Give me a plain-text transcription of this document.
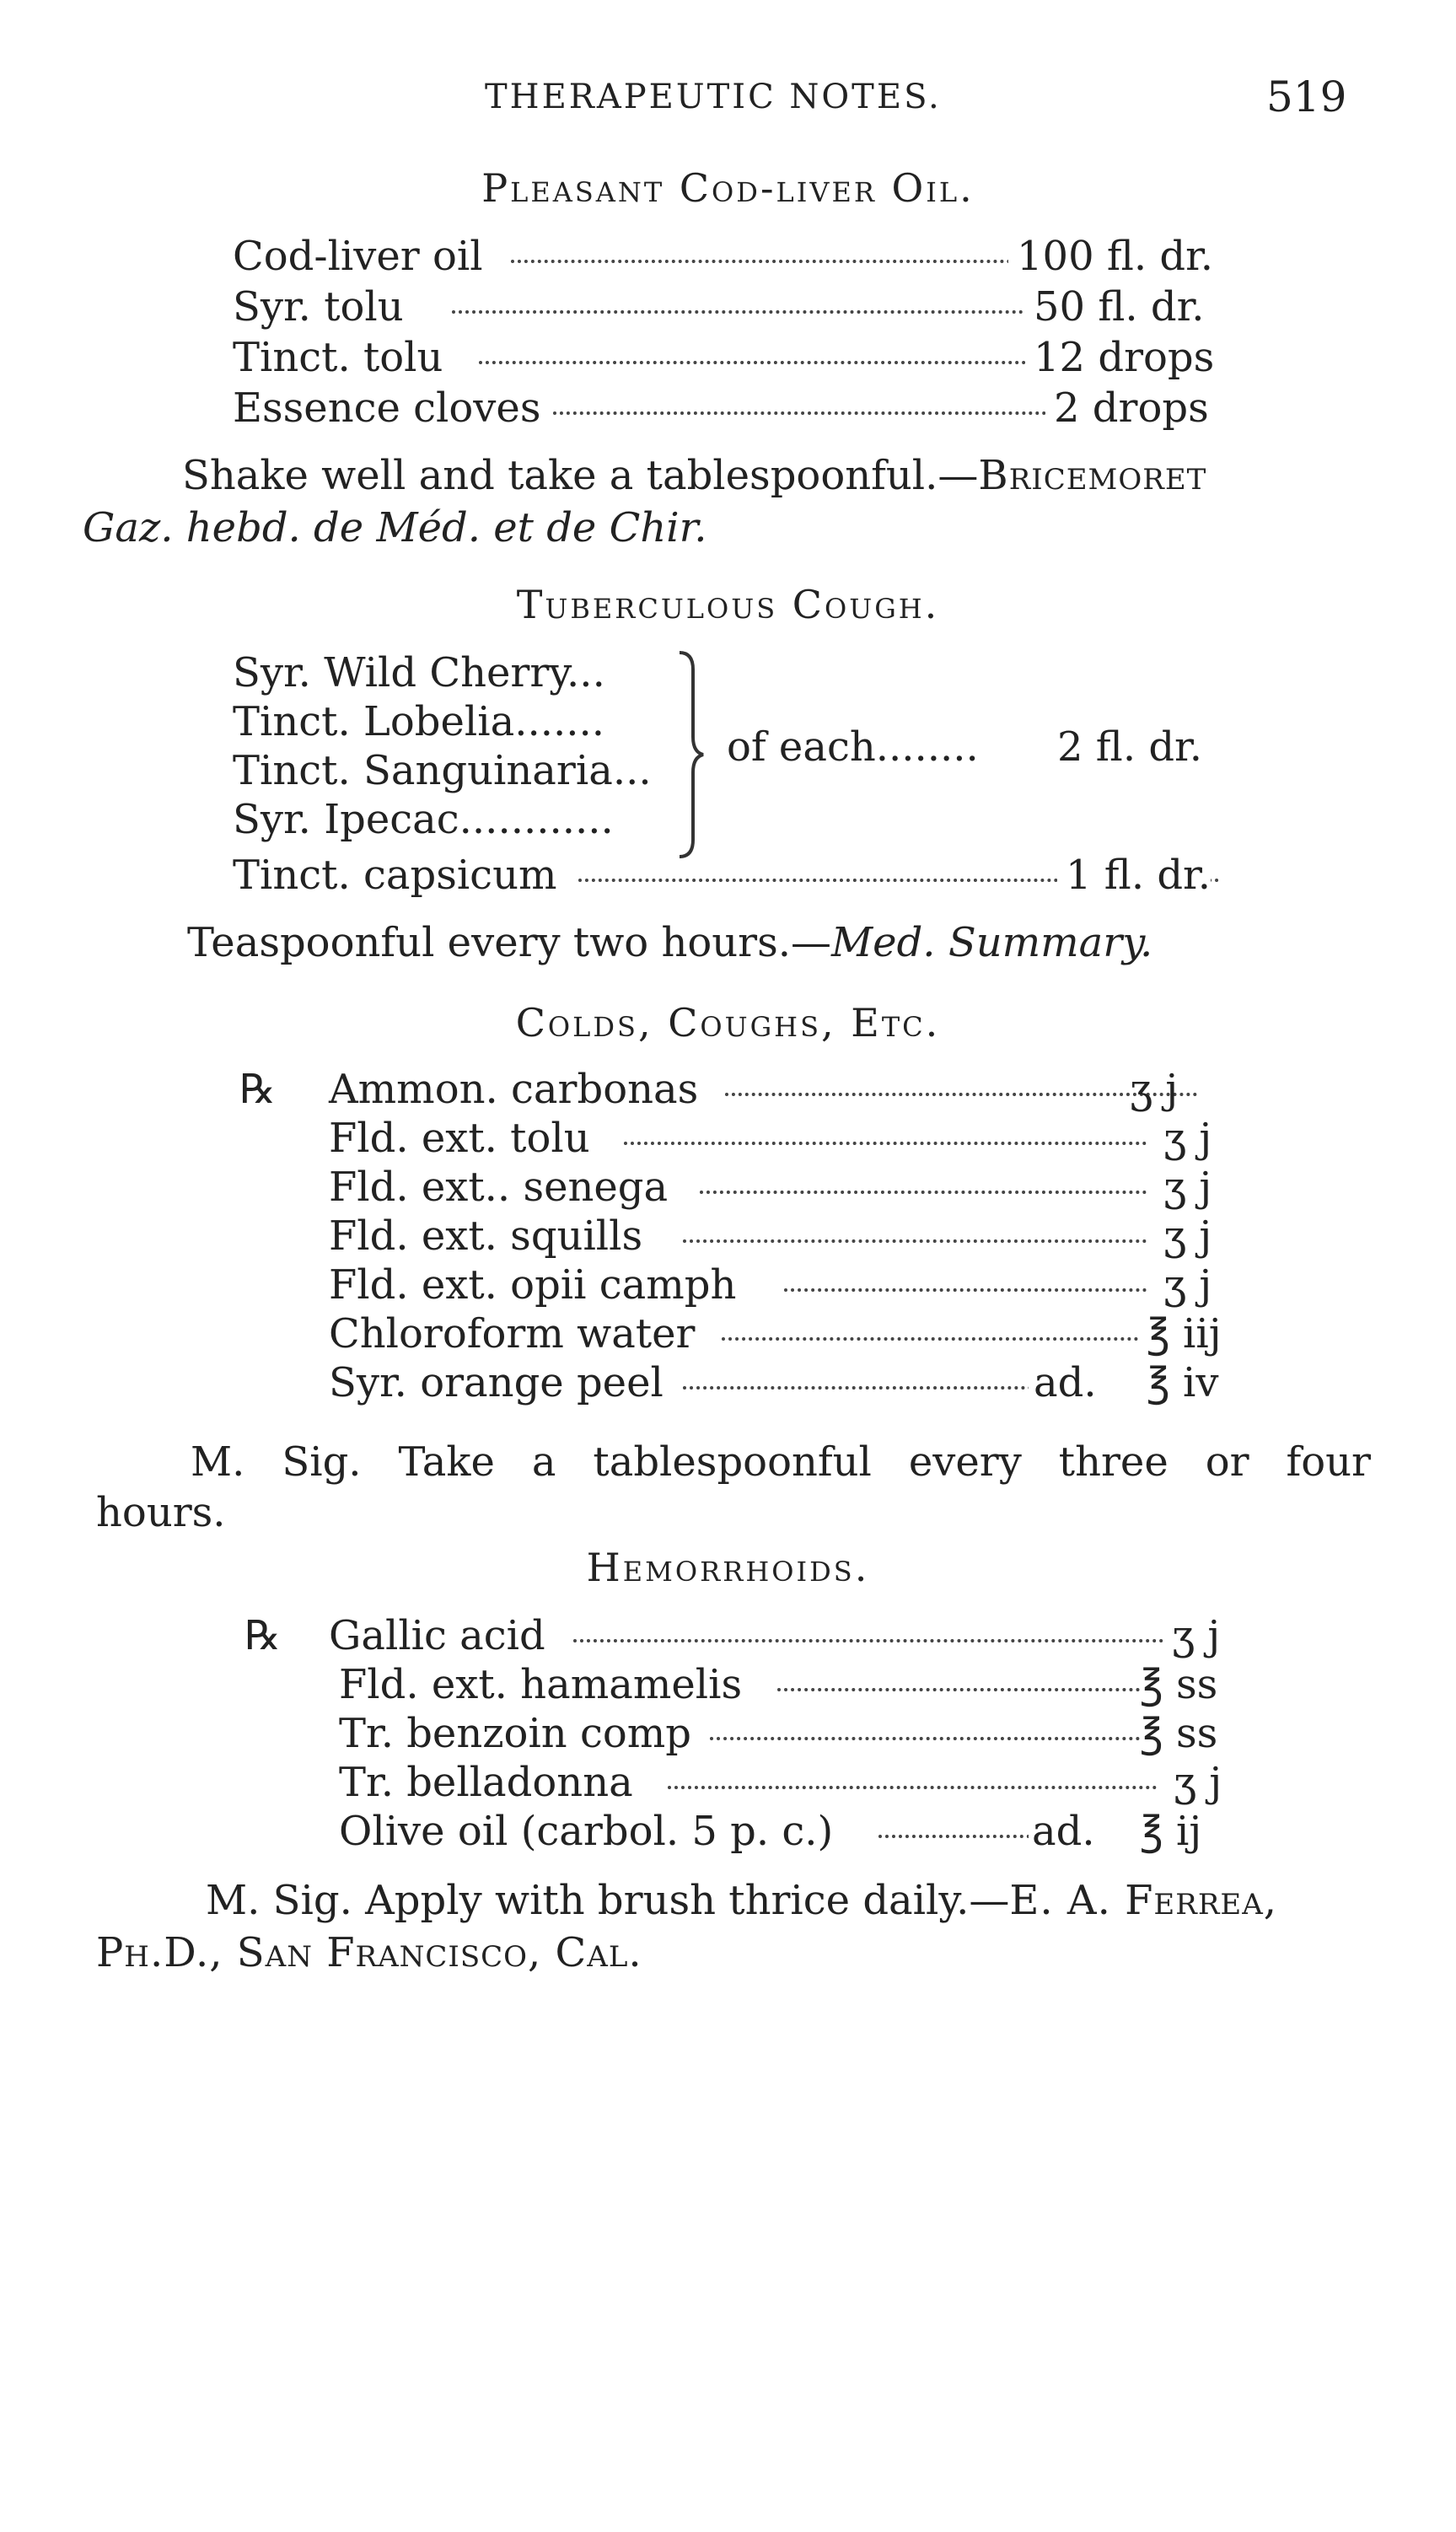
THERAPEUTIC NOTES.	519
Pleasant Cod-liver Oil.
Cod-liver oil	100 fl. dr.
Syr. tolu	50 fl. dr.
Tinct. tolu	12 drops
Essence cloves	2 drops
Shake well and take a tablespoonful.—Bricemoret
Gaz. hebd. de Méd. et de Chir.
Tuberculous Cough.
Syr. Wild Cherry...
Tinct. Lobelia.......
Tinct. Sanguinaria...
Syr. Ipecac............
of each........ 2 fl. dr.
Tinct. capsicum	1 fl. dr.
Teaspoonful every two hours.—Med. Summary.
Colds, Coughs, Etc.
℞ Ammon. carbonas	ʒ j
Fld. ext. tolu	ʒ j
Fld. ext.. senega	ʒ j
Fld. ext. squills	ʒ j
Fld. ext. opii camph	ʒ j
Chloroform water	℥ iij
Syr. orange peel	ad. ℥ iv
M. Sig. Take a tablespoonful every three or four
hours.
Hemorrhoids.
℞ Gallic acid	ʒ j
Fld. ext. hamamelis	℥ ss
Tr. benzoin comp	℥ ss
Tr. belladonna	ʒ j
Olive oil (carbol. 5 p. c.)	ad. ℥ ij
M. Sig. Apply with brush thrice daily.—E. A. Ferrea,
Ph.D., San Francisco, Cal.
